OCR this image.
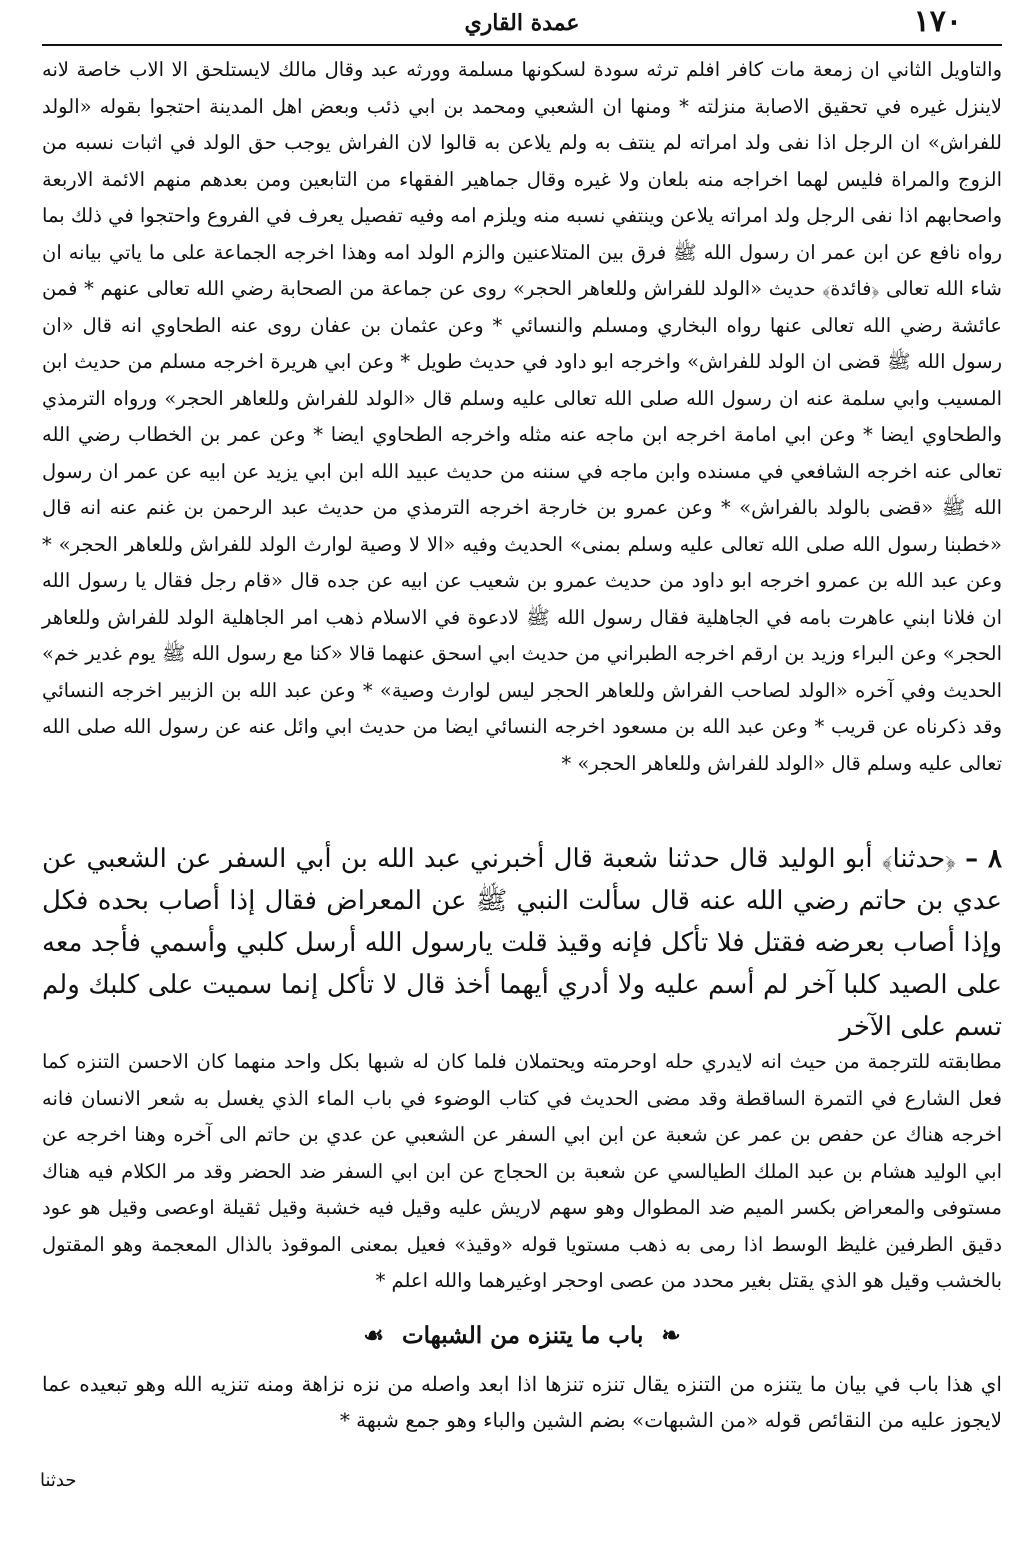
١٧٠
عمدة القاري
والتاويل الثاني ان زمعة مات كافر افلم ترثه سودة لسكونها مسلمة وورثه عبد وقال مالك لايستلحق الا الاب خاصة لانه لاينزل غيره في تحقيق الاصابة منزلته * ومنها ان الشعبي ومحمد بن ابي ذئب وبعض اهل المدينة احتجوا بقوله «الولد للفراش» ان الرجل اذا نفى ولد امراته لم ينتف به ولم يلاعن به قالوا لان الفراش يوجب حق الولد في اثبات نسبه من الزوج والمراة فليس لهما اخراجه منه بلعان ولا غيره وقال جماهير الفقهاء من التابعين ومن بعدهم منهم الائمة الاربعة واصحابهم اذا نفى الرجل ولد امراته يلاعن وينتفي نسبه منه ويلزم امه وفيه تفصيل يعرف في الفروع واحتجوا في ذلك بما رواه نافع عن ابن عمر ان رسول الله ﷺ فرق بين المتلاعنين والزم الولد امه وهذا اخرجه الجماعة على ما ياتي بيانه ان شاء الله تعالى ﴿فائدة﴾ حديث «الولد للفراش وللعاهر الحجر» روى عن جماعة من الصحابة رضي الله تعالى عنهم * فمن عائشة رضي الله تعالى عنها رواه البخاري ومسلم والنسائي * وعن عثمان بن عفان روى عنه الطحاوي انه قال «ان رسول الله ﷺ قضى ان الولد للفراش» واخرجه ابو داود في حديث طويل * وعن ابي هريرة اخرجه مسلم من حديث ابن المسيب وابي سلمة عنه ان رسول الله صلى الله تعالى عليه وسلم قال «الولد للفراش وللعاهر الحجر» ورواه الترمذي والطحاوي ايضا * وعن ابي امامة اخرجه ابن ماجه عنه مثله واخرجه الطحاوي ايضا * وعن عمر بن الخطاب رضي الله تعالى عنه اخرجه الشافعي في مسنده وابن ماجه في سننه من حديث عبيد الله ابن ابي يزيد عن ابيه عن عمر ان رسول الله ﷺ «قضى بالولد بالفراش» * وعن عمرو بن خارجة اخرجه الترمذي من حديث عبد الرحمن بن غنم عنه انه قال «خطبنا رسول الله صلى الله تعالى عليه وسلم بمنى» الحديث وفيه «الا لا وصية لوارث الولد للفراش وللعاهر الحجر» * وعن عبد الله بن عمرو اخرجه ابو داود من حديث عمرو بن شعيب عن ابيه عن جده قال «قام رجل فقال يا رسول الله ان فلانا ابني عاهرت بامه في الجاهلية فقال رسول الله ﷺ لادعوة في الاسلام ذهب امر الجاهلية الولد للفراش وللعاهر الحجر» وعن البراء وزيد بن ارقم اخرجه الطبراني من حديث ابي اسحق عنهما قالا «كنا مع رسول الله ﷺ يوم غدير خم» الحديث وفي آخره «الولد لصاحب الفراش وللعاهر الحجر ليس لوارث وصية» * وعن عبد الله بن الزبير اخرجه النسائي وقد ذكرناه عن قريب * وعن عبد الله بن مسعود اخرجه النسائي ايضا من حديث ابي وائل عنه عن رسول الله صلى الله تعالى عليه وسلم قال «الولد للفراش وللعاهر الحجر» *
٨ – ﴿حدثنا﴾ أبو الوليد قال حدثنا شعبة قال أخبرني عبد الله بن أبي السفر عن الشعبي عن عدي بن حاتم رضي الله عنه قال سألت النبي ﷺ عن المعراض فقال إذا أصاب بحده فكل وإذا أصاب بعرضه فقتل فلا تأكل فإنه وقيذ قلت يارسول الله أرسل كلبي وأسمي فأجد معه على الصيد كلبا آخر لم أسم عليه ولا أدري أيهما أخذ قال لا تأكل إنما سميت على كلبك ولم تسم على الآخر
مطابقته للترجمة من حيث انه لايدري حله اوحرمته ويحتملان فلما كان له شبها بكل واحد منهما كان الاحسن التنزه كما فعل الشارع في التمرة الساقطة وقد مضى الحديث في كتاب الوضوء في باب الماء الذي يغسل به شعر الانسان فانه اخرجه هناك عن حفص بن عمر عن شعبة عن ابن ابي السفر عن الشعبي عن عدي بن حاتم الى آخره وهنا اخرجه عن ابي الوليد هشام بن عبد الملك الطيالسي عن شعبة بن الحجاج عن ابن ابي السفر ضد الحضر وقد مر الكلام فيه هناك مستوفى والمعراض بكسر الميم ضد المطوال وهو سهم لاريش عليه وقيل فيه خشبة وقيل ثقيلة اوعصى وقيل هو عود دقيق الطرفين غليظ الوسط اذا رمى به ذهب مستويا قوله «وقيذ» فعيل بمعنى الموقوذ بالذال المعجمة وهو المقتول بالخشب وقيل هو الذي يقتل بغير محدد من عصى اوحجر اوغيرهما والله اعلم *
❧ باب ما يتنزه من الشبهات ☙
اي هذا باب في بيان ما يتنزه من التنزه يقال تنزه تنزها اذا ابعد واصله من نزه نزاهة ومنه تنزيه الله وهو تبعيده عما لايجوز عليه من النقائص قوله «من الشبهات» بضم الشين والباء وهو جمع شبهة *
حدثنا
